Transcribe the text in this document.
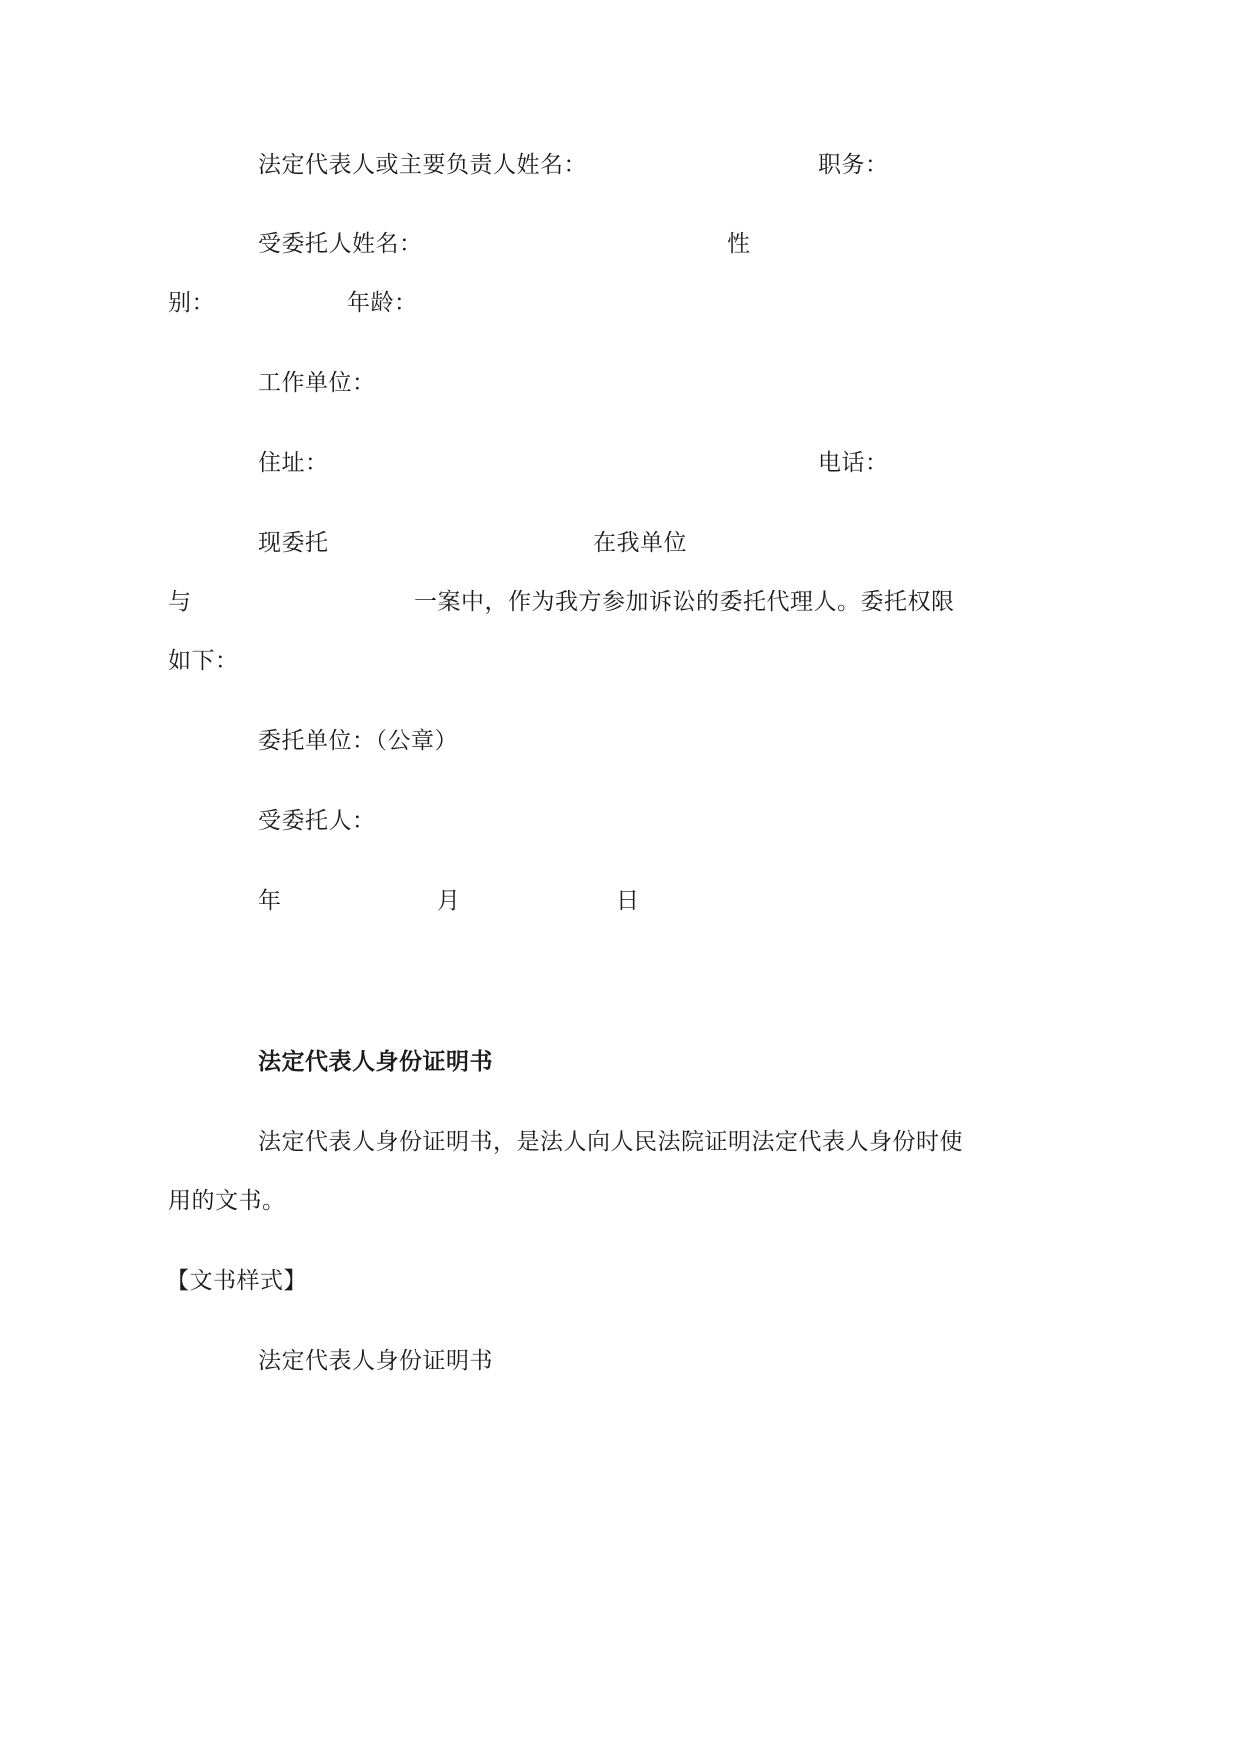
法定代表人或主要负责人姓名：	职务：
受委托人姓名：	性
别：	年龄：
工作单位：
住址：	电话：
现委托	在我单位
与	一案中，作为我方参加诉讼的委托代理人。委托权限
如下：
委托单位：（公章）
受委托人：
年	月	日
法定代表人身份证明书
法定代表人身份证明书，是法人向人民法院证明法定代表人身份时使
用的文书。
【文书样式】
法定代表人身份证明书
